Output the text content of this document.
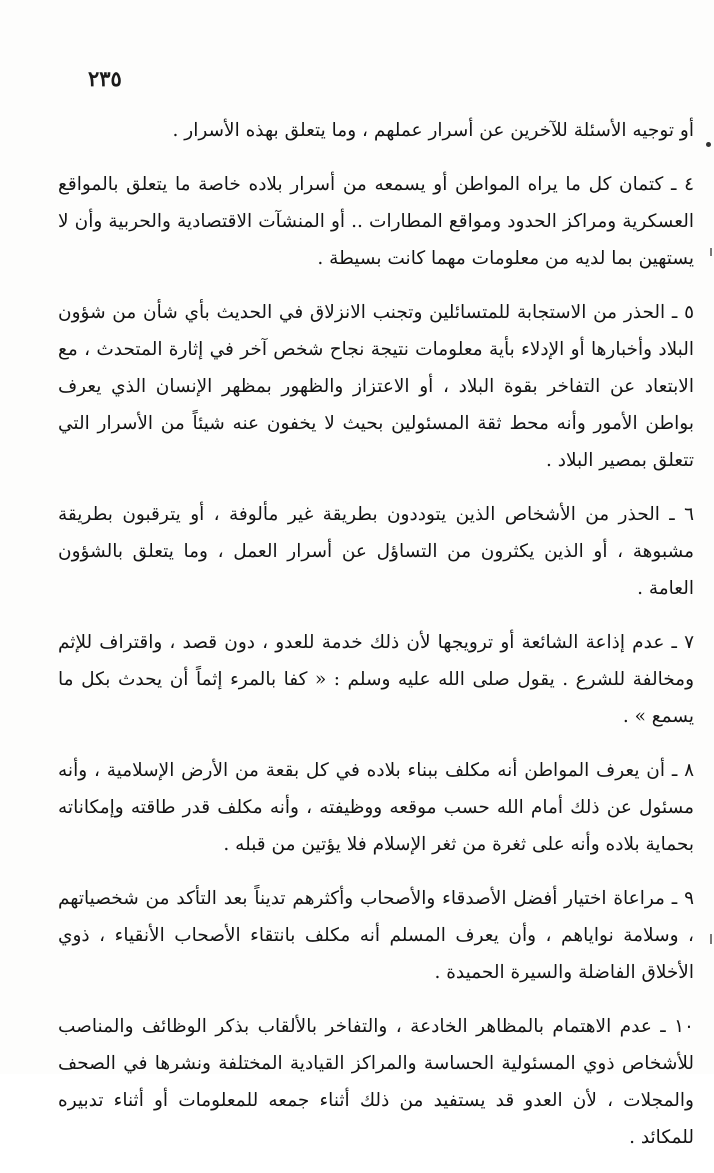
٢٣٥

أو توجيه الأسئلة للآخرين عن أسرار عملهم ، وما يتعلق بهذه الأسرار .

٤ ـ كتمان كل ما يراه المواطن أو يسمعه من أسرار بلاده خاصة ما يتعلق بالمواقع العسكرية ومراكز الحدود ومواقع المطارات .. أو المنشآت الاقتصادية والحربية وأن لا يستهين بما لديه من معلومات مهما كانت بسيطة .

٥ ـ الحذر من الاستجابة للمتسائلين وتجنب الانزلاق في الحديث بأي شأن من شؤون البلاد وأخبارها أو الإدلاء بأية معلومات نتيجة نجاح شخص آخر في إثارة المتحدث ، مع الابتعاد عن التفاخر بقوة البلاد ، أو الاعتزاز والظهور بمظهر الإنسان الذي يعرف بواطن الأمور وأنه محط ثقة المسئولين بحيث لا يخفون عنه شيئاً من الأسرار التي تتعلق بمصير البلاد .

٦ ـ الحذر من الأشخاص الذين يتوددون بطريقة غير مألوفة ، أو يترقبون بطريقة مشبوهة ، أو الذين يكثرون من التساؤل عن أسرار العمل ، وما يتعلق بالشؤون العامة .

٧ ـ عدم إذاعة الشائعة أو ترويجها لأن ذلك خدمة للعدو ، دون قصد ، واقتراف للإثم ومخالفة للشرع . يقول صلى الله عليه وسلم : « كفا بالمرء إثماً أن يحدث بكل ما يسمع » .

٨ ـ أن يعرف المواطن أنه مكلف ببناء بلاده في كل بقعة من الأرض الإسلامية ، وأنه مسئول عن ذلك أمام الله حسب موقعه ووظيفته ، وأنه مكلف قدر طاقته وإمكاناته بحماية بلاده وأنه على ثغرة من ثغر الإسلام فلا يؤتين من قبله .

٩ ـ مراعاة اختيار أفضل الأصدقاء والأصحاب وأكثرهم تديناً بعد التأكد من شخصياتهم ، وسلامة نواياهم ، وأن يعرف المسلم أنه مكلف بانتقاء الأصحاب الأنقياء ، ذوي الأخلاق الفاضلة والسيرة الحميدة .

١٠ ـ عدم الاهتمام بالمظاهر الخادعة ، والتفاخر بالألقاب بذكر الوظائف والمناصب للأشخاص ذوي المسئولية الحساسة والمراكز القيادية المختلفة ونشرها في الصحف والمجلات ، لأن العدو قد يستفيد من ذلك أثناء جمعه للمعلومات أو أثناء تدبيره للمكائد .
